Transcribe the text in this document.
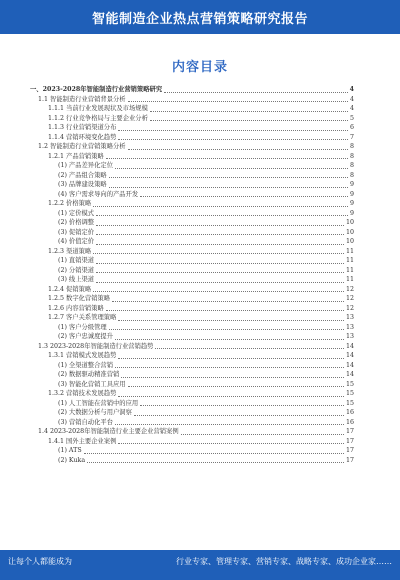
智能制造企业热点营销策略研究报告
内容目录
一、2023-2028年智能制造行业营销策略研究	4
1.1 智能制造行业营销背景分析	4
1.1.1 当前行业发展现状及市场规模	4
1.1.2 行业竞争格局与主要企业分析	5
1.1.3 行业营销渠道分布	6
1.1.4 营销环境变化趋势	7
1.2 智能制造行业营销策略分析	8
1.2.1 产品营销策略	8
(1) 产品差异化定位	8
(2) 产品组合策略	8
(3) 品牌建设策略	9
(4) 客户需求导向的产品开发	9
1.2.2 价格策略	9
(1) 定价模式	9
(2) 价格调整	10
(3) 促销定价	10
(4) 价值定价	10
1.2.3 渠道策略	11
(1) 直销渠道	11
(2) 分销渠道	11
(3) 线上渠道	11
1.2.4 促销策略	12
1.2.5 数字化营销策略	12
1.2.6 内容营销策略	12
1.2.7 客户关系管理策略	13
(1) 客户分级管理	13
(2) 客户忠诚度提升	13
1.3 2023-2028年智能制造行业营销趋势	14
1.3.1 营销模式发展趋势	14
(1) 全渠道整合营销	14
(2) 数据驱动精准营销	14
(3) 智能化营销工具应用	15
1.3.2 营销技术发展趋势	15
(1) 人工智能在营销中的应用	15
(2) 大数据分析与用户洞察	16
(3) 营销自动化平台	16
1.4 2023-2028年智能制造行业主要企业营销案例	17
1.4.1 国外主要企业案例	17
(1) ATS	17
(2) Kuka	17
让每个人都能成为	行业专家、管理专家、营销专家、战略专家、成功企业家……
